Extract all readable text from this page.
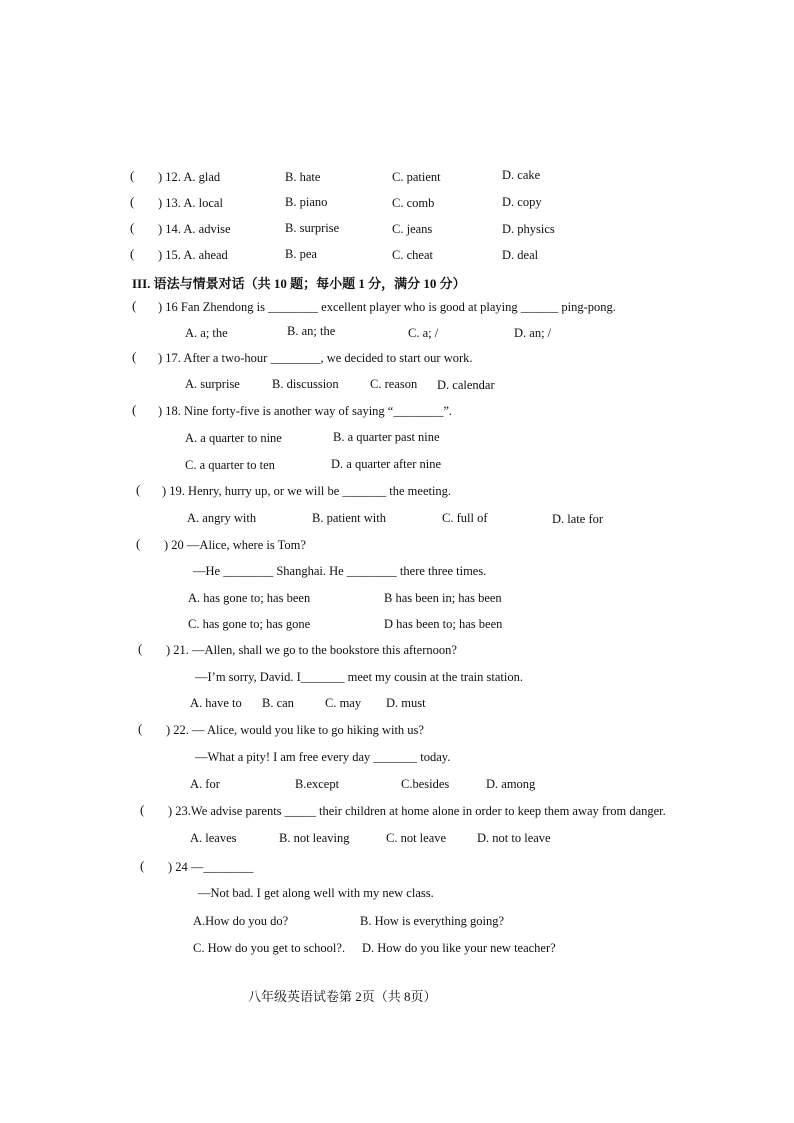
( ) 12. A. glad	B. hate	C. patient	D. cake
( ) 13. A. local	B. piano	C. comb	D. copy
( ) 14. A. advise	B. surprise	C. jeans	D. physics
( ) 15. A. ahead	B. pea	C. cheat	D. deal
III. 语法与情景对话（共 10 题；每小题 1 分，满分 10 分）
( ) 16 Fan Zhendong is ________ excellent player who is good at playing ______ ping-pong.
A. a; the	B. an; the	C. a; /	D. an; /
( ) 17. After a two-hour ________, we decided to start our work.
A. surprise	B. discussion	C. reason D. calendar
( ) 18. Nine forty-five is another way of saying “________”.
A. a quarter to nine	B. a quarter past nine
C. a quarter to ten	D. a quarter after nine
( ) 19. Henry, hurry up, or we will be _______ the meeting.
A. angry with	B. patient with	C. full of	D. late for
( ) 20 —Alice, where is Tom?
—He ________ Shanghai. He ________ there three times.
A. has gone to; has been	B has been in; has been
C. has gone to; has gone	D has been to; has been
( ) 21. —Allen, shall we go to the bookstore this afternoon?
—I’m sorry, David. I_______ meet my cousin at the train station.
A. have to B. can C. may D. must
( ) 22. — Alice, would you like to go hiking with us?
—What a pity! I am free every day _______ today.
A. for	B.except	C.besides	D. among
( ) 23.We advise parents _____ their children at home alone in order to keep them away from danger.
A. leaves	B. not leaving	C. not leave D. not to leave
( ) 24 —________
—Not bad. I get along well with my new class.
A.How do you do?	B. How is everything going?
C. How do you get to school?. D. How do you like your new teacher?
八年级英语试卷第 2页（共 8页）
